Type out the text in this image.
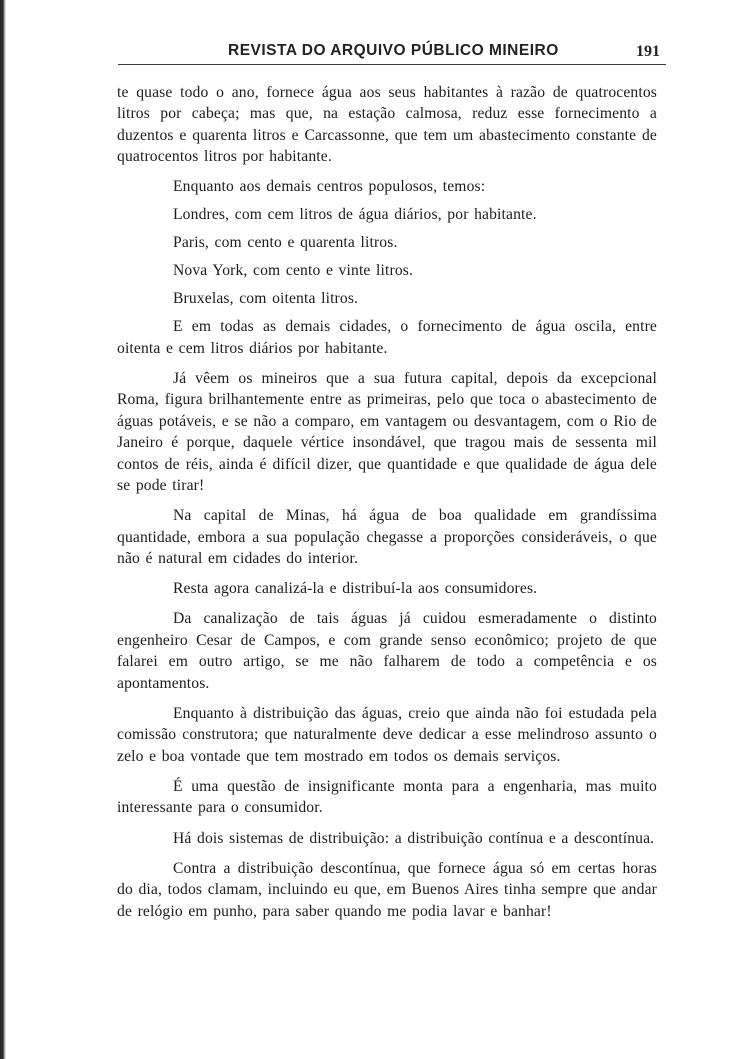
REVISTA DO ARQUIVO PÚBLICO MINEIRO	191

te quase todo o ano, fornece água aos seus habitantes à razão de quatrocentos litros por cabeça; mas que, na estação calmosa, reduz esse fornecimento a duzentos e quarenta litros e Carcassonne, que tem um abastecimento constante de quatrocentos litros por habitante.

Enquanto aos demais centros populosos, temos:

Londres, com cem litros de água diários, por habitante.

Paris, com cento e quarenta litros.

Nova York, com cento e vinte litros.

Bruxelas, com oitenta litros.

E em todas as demais cidades, o fornecimento de água oscila, entre oitenta e cem litros diários por habitante.

Já vêem os mineiros que a sua futura capital, depois da excepcional Roma, figura brilhantemente entre as primeiras, pelo que toca o abastecimento de águas potáveis, e se não a comparo, em vantagem ou desvantagem, com o Rio de Janeiro é porque, daquele vértice insondável, que tragou mais de sessenta mil contos de réis, ainda é difícil dizer, que quantidade e que qualidade de água dele se pode tirar!

Na capital de Minas, há água de boa qualidade em grandíssima quantidade, embora a sua população chegasse a proporções consideráveis, o que não é natural em cidades do interior.

Resta agora canalizá-la e distribuí-la aos consumidores.

Da canalização de tais águas já cuidou esmeradamente o distinto engenheiro Cesar de Campos, e com grande senso econômico; projeto de que falarei em outro artigo, se me não falharem de todo a competência e os apontamentos.

Enquanto à distribuição das águas, creio que ainda não foi estudada pela comissão construtora; que naturalmente deve dedicar a esse melindroso assunto o zelo e boa vontade que tem mostrado em todos os demais serviços.

É uma questão de insignificante monta para a engenharia, mas muito interessante para o consumidor.

Há dois sistemas de distribuição: a distribuição contínua e a descontínua.

Contra a distribuição descontínua, que fornece água só em certas horas do dia, todos clamam, incluindo eu que, em Buenos Aires tinha sempre que andar de relógio em punho, para saber quando me podia lavar e banhar!
